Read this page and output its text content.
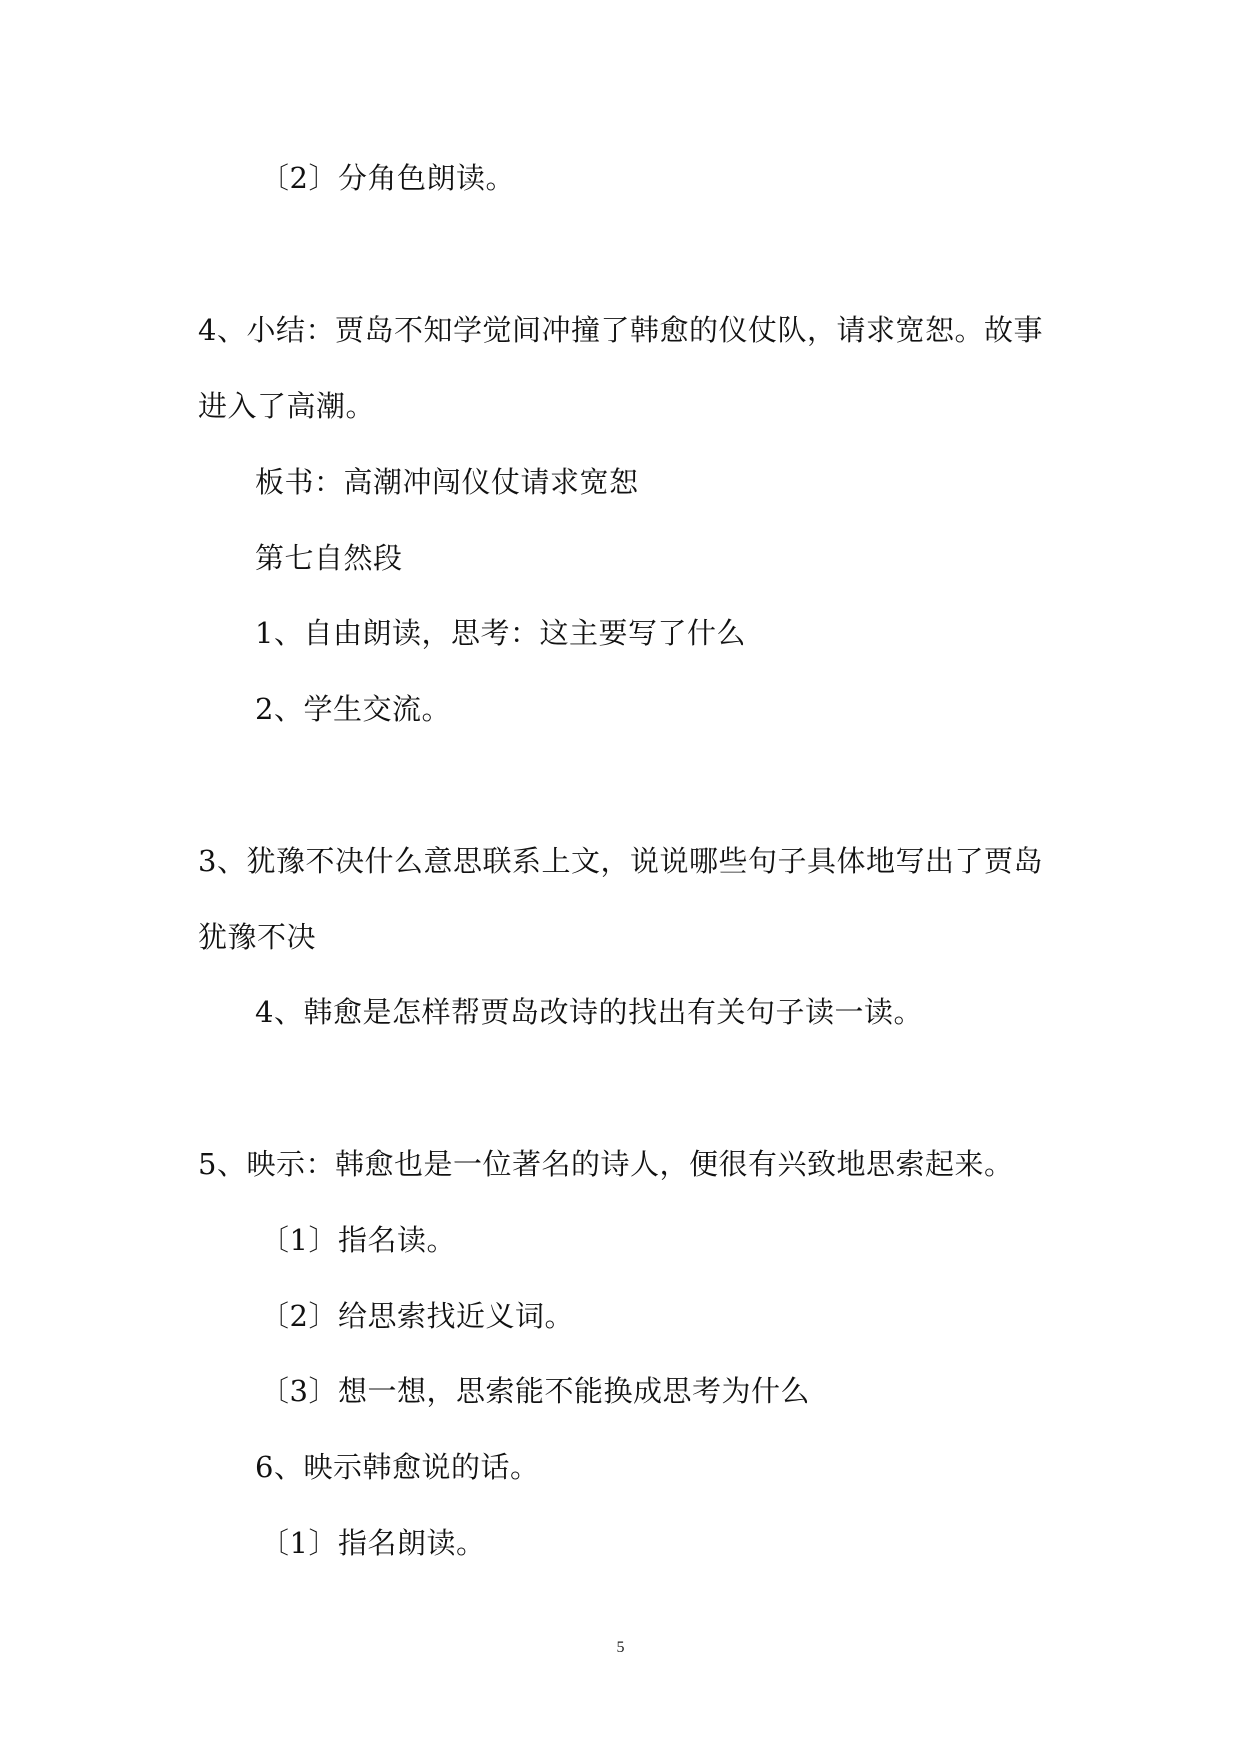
〔2〕分角色朗读。
4、小结：贾岛不知学觉间冲撞了韩愈的仪仗队，请求宽恕。故事
进入了高潮。
板书：高潮冲闯仪仗请求宽恕
第七自然段
1、自由朗读，思考：这主要写了什么
2、学生交流。
3、犹豫不决什么意思联系上文，说说哪些句子具体地写出了贾岛
犹豫不决
4、韩愈是怎样帮贾岛改诗的找出有关句子读一读。
5、映示：韩愈也是一位著名的诗人，便很有兴致地思索起来。
〔1〕指名读。
〔2〕给思索找近义词。
〔3〕想一想，思索能不能换成思考为什么
6、映示韩愈说的话。
〔1〕指名朗读。
5
